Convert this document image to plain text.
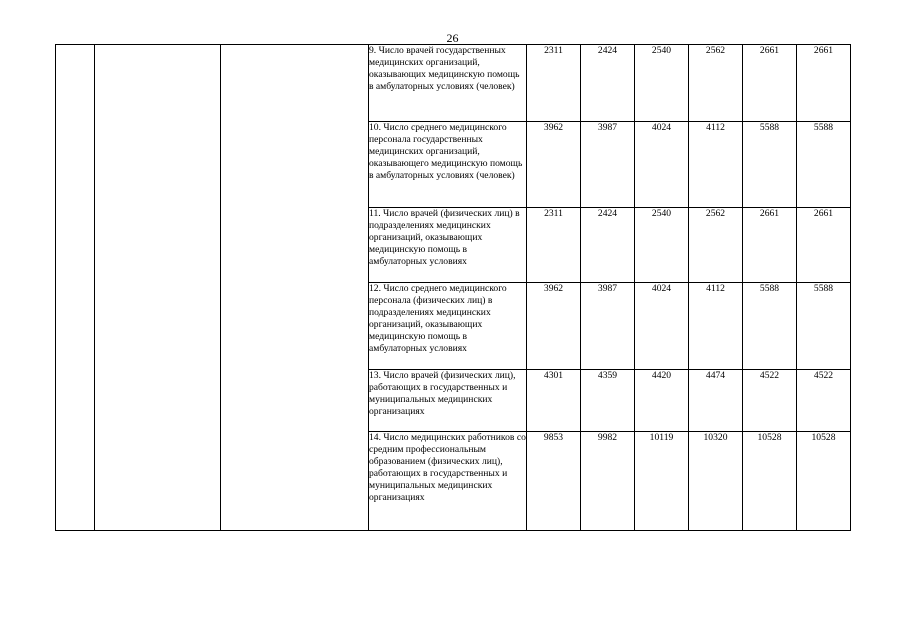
26
			9. Число врачей государственных медицинских организаций, оказывающих медицинскую помощь в амбулаторных условиях (человек)	2311	2424	2540	2562	2661	2661
			10. Число среднего медицинского персонала государственных медицинских организаций, оказывающего медицинскую помощь в амбулаторных условиях (человек)	3962	3987	4024	4112	5588	5588
			11. Число врачей (физических лиц) в подразделениях медицинских организаций, оказывающих медицинскую помощь в амбулаторных условиях	2311	2424	2540	2562	2661	2661
			12. Число среднего медицинского персонала (физических лиц) в подразделениях медицинских организаций, оказывающих медицинскую помощь в амбулаторных условиях	3962	3987	4024	4112	5588	5588
			13. Число врачей (физических лиц), работающих в государственных и муниципальных медицинских организациях	4301	4359	4420	4474	4522	4522
			14. Число медицинских работников со средним профессиональным образованием (физических лиц), работающих в государственных и муниципальных медицинских организациях	9853	9982	10119	10320	10528	10528
